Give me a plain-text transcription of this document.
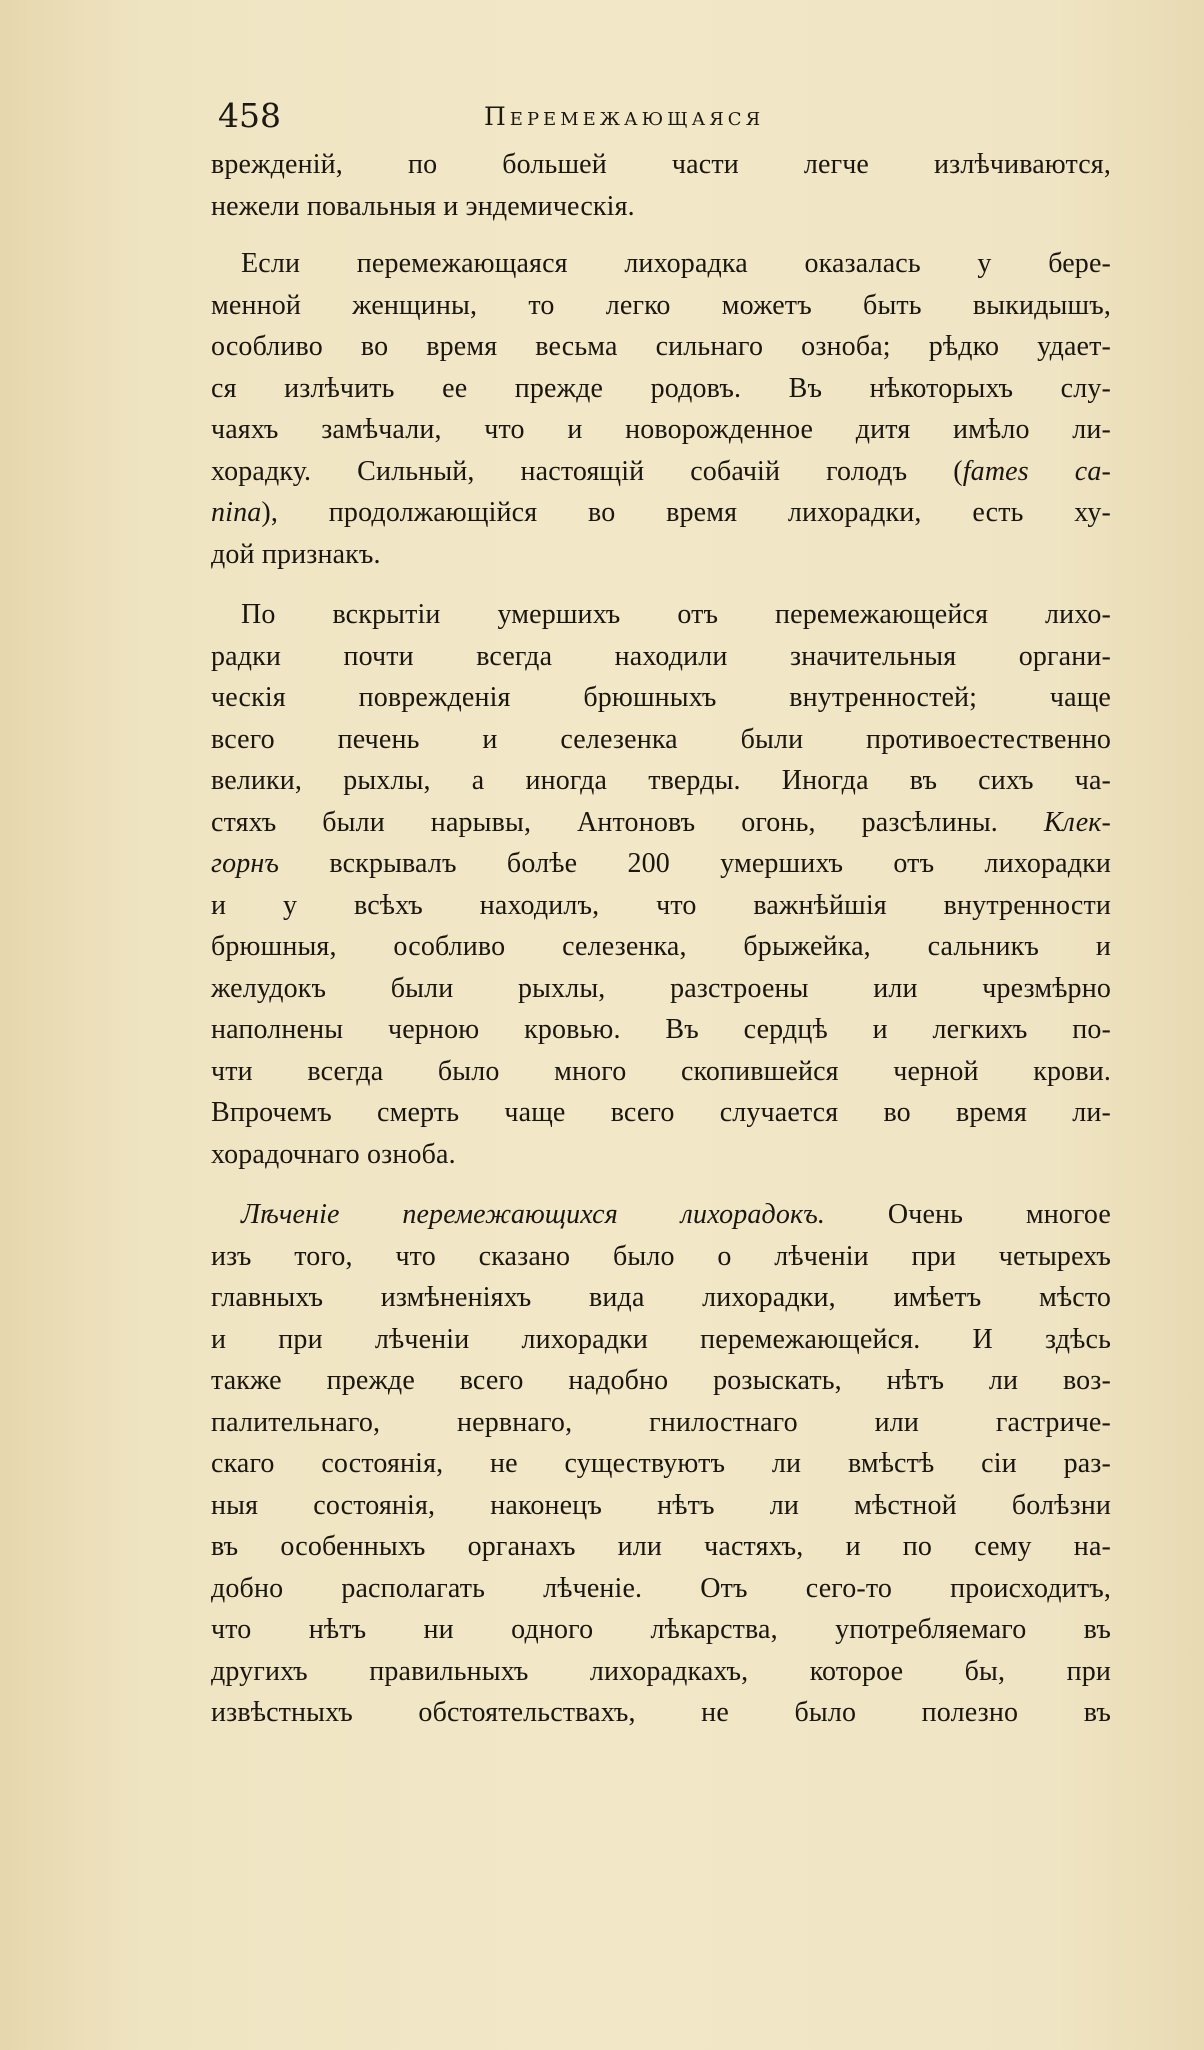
458	Перемежающаяся
врежденій, по большей части легче излѣчиваются,
нежели повальныя и эндемическія.
Если перемежающаяся лихорадка оказалась у бере-
менной женщины, то легко можетъ быть выкидышъ,
особливо во время весьма сильнаго озноба; рѣдко удает-
ся излѣчить ее прежде родовъ. Въ нѣкоторыхъ слу-
чаяхъ замѣчали, что и новорожденное дитя имѣло ли-
хорадку. Сильный, настоящій собачій голодъ (fames ca-
nina), продолжающійся во время лихорадки, есть ху-
дой признакъ.
По вскрытіи умершихъ отъ перемежающейся лихо-
радки почти всегда находили значительныя органи-
ческія поврежденія брюшныхъ внутренностей; чаще
всего печень и селезенка были противоестественно
велики, рыхлы, а иногда тверды. Иногда въ сихъ ча-
стяхъ были нарывы, Антоновъ огонь, разсѣлины. Клек-
горнъ вскрывалъ болѣе 200 умершихъ отъ лихорадки
и у всѣхъ находилъ, что важнѣйшія внутренности
брюшныя, особливо селезенка, брыжейка, сальникъ и
желудокъ были рыхлы, разстроены или чрезмѣрно
наполнены черною кровью. Въ сердцѣ и легкихъ по-
чти всегда было много скопившейся черной крови.
Впрочемъ смерть чаще всего случается во время ли-
хорадочнаго озноба.
Лѣченіе перемежающихся лихорадокъ. Очень многое
изъ того, что сказано было о лѣченіи при четырехъ
главныхъ измѣненіяхъ вида лихорадки, имѣетъ мѣсто
и при лѣченіи лихорадки перемежающейся. И здѣсь
также прежде всего надобно розыскать, нѣтъ ли воз-
палительнаго, нервнаго, гнилостнаго или гастриче-
скаго состоянія, не существуютъ ли вмѣстѣ сіи раз-
ныя состоянія, наконецъ нѣтъ ли мѣстной болѣзни
въ особенныхъ органахъ или частяхъ, и по сему на-
добно располагать лѣченіе. Отъ сего-то происходитъ,
что нѣтъ ни одного лѣкарства, употребляемаго въ
другихъ правильныхъ лихорадкахъ, которое бы, при
извѣстныхъ обстоятельствахъ, не было полезно въ
